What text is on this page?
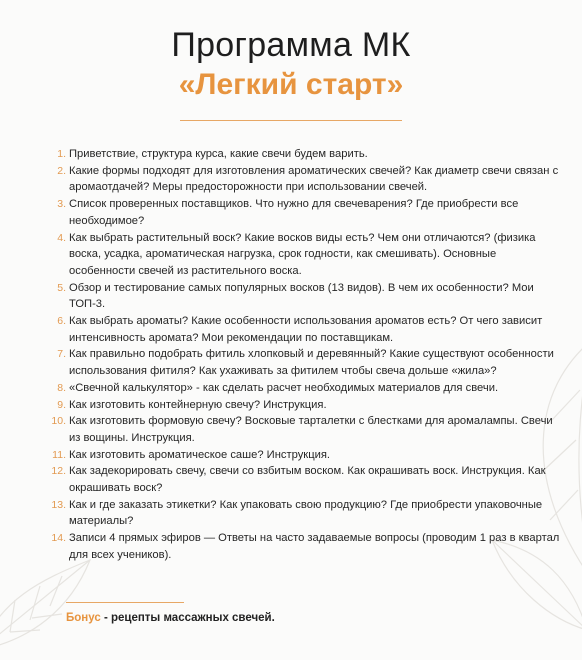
Программа МК
«Легкий старт»
1. Приветствие, структура курса, какие свечи будем варить.
2. Какие формы подходят для изготовления ароматических свечей? Как диаметр свечи связан с аромаотдачей? Меры предосторожности при использовании свечей.
3. Список проверенных поставщиков. Что нужно для свечеварения? Где приобрести все необходимое?
4. Как выбрать растительный воск? Какие восков виды есть? Чем они отличаются? (физика воска, усадка, ароматическая нагрузка, срок годности, как смешивать). Основные особенности свечей из растительного воска.
5. Обзор и тестирование самых популярных восков (13 видов). В чем их особенности? Мои ТОП-3.
6. Как выбрать ароматы? Какие особенности использования ароматов есть? От чего зависит интенсивность аромата? Мои рекомендации по поставщикам.
7. Как правильно подобрать фитиль хлопковый и деревянный? Какие существуют особенности использования фитиля? Как ухаживать за фитилем чтобы свеча дольше «жила»?
8. «Свечной калькулятор» - как сделать расчет необходимых материалов для свечи.
9. Как изготовить контейнерную свечу? Инструкция.
10. Как изготовить формовую свечу? Восковые тарталетки с блестками для аромалампы. Свечи из вощины. Инструкция.
11. Как изготовить ароматическое саше? Инструкция.
12. Как задекорировать свечу, свечи со взбитым воском. Как окрашивать воск. Инструкция. Как окрашивать воск?
13. Как и где заказать этикетки? Как упаковать свою продукцию? Где приобрести упаковочные материалы?
14. Записи 4 прямых эфиров — Ответы на часто задаваемые вопросы (проводим 1 раз в квартал для всех учеников).
Бонус - рецепты массажных свечей.
